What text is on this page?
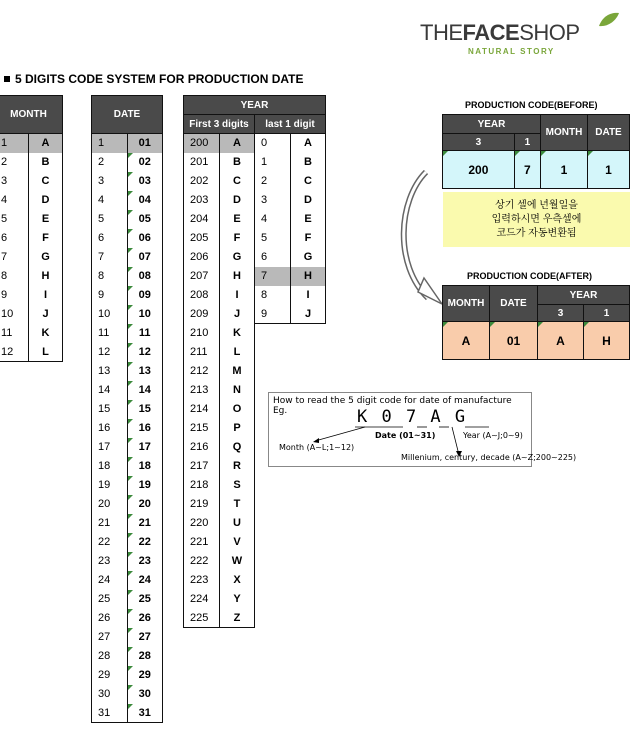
THEFACESHOP
NATURAL STORY
5 DIGITS CODE SYSTEM FOR PRODUCTION DATE
MONTH	
1	A
2	B
3	C
4	D
5	E
6	F
7	G
8	H
9	I
10	J
11	K
12	L
DATE	
1	01
2	02
3	03
4	04
5	05
6	06
7	07
8	08
9	09
10	10
11	11
12	12
13	13
14	14
15	15
16	16
17	17
18	18
19	19
20	20
21	21
22	22
23	23
24	24
25	25
26	26
27	27
28	28
29	29
30	30
31	31
YEAR			
First 3 digits		last 1 digit	
200	A	0	A
201	B	1	B
202	C	2	C
203	D	3	D
204	E	4	E
205	F	5	F
206	G	6	G
207	H	7	H
208	I	8	I
209	J	9	J
210	K		
211	L		
212	M		
213	N		
214	O		
215	P		
216	Q		
217	R		
218	S		
219	T		
220	U		
221	V		
222	W		
223	X		
224	Y		
225	Z		
PRODUCTION CODE(BEFORE)
YEAR		MONTH	DATE
3	1		
200	7	1	1
상기 셀에 년월일을
입력하시면 우측셀에
코드가 자동변환됨
PRODUCTION CODE(AFTER)
MONTH	DATE	YEAR	
		3	1
A	01	A	H
How to read the 5 digit code for date of manufacture
Eg.	K 0 7 A G
Date (01~31)	Year (A~J;0~9)
Month (A~L;1~12)
Millenium, century, decade (A~Z;200~225)
